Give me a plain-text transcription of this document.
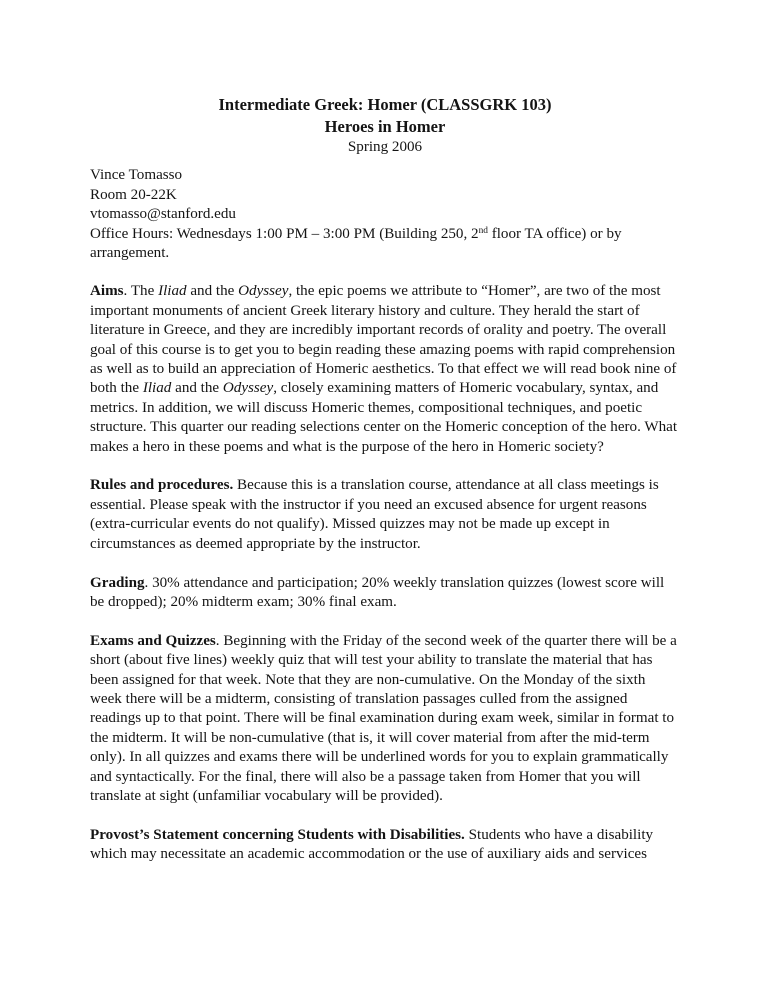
Intermediate Greek: Homer (CLASSGRK 103)
Heroes in Homer
Spring 2006
Vince Tomasso
Room 20-22K
vtomasso@stanford.edu
Office Hours: Wednesdays 1:00 PM – 3:00 PM (Building 250, 2nd floor TA office) or by arrangement.

Aims. The Iliad and the Odyssey, the epic poems we attribute to “Homer”, are two of the most important monuments of ancient Greek literary history and culture. They herald the start of literature in Greece, and they are incredibly important records of orality and poetry. The overall goal of this course is to get you to begin reading these amazing poems with rapid comprehension as well as to build an appreciation of Homeric aesthetics. To that effect we will read book nine of both the Iliad and the Odyssey, closely examining matters of Homeric vocabulary, syntax, and metrics. In addition, we will discuss Homeric themes, compositional techniques, and poetic structure. This quarter our reading selections center on the Homeric conception of the hero. What makes a hero in these poems and what is the purpose of the hero in Homeric society?

Rules and procedures. Because this is a translation course, attendance at all class meetings is essential. Please speak with the instructor if you need an excused absence for urgent reasons (extra-curricular events do not qualify). Missed quizzes may not be made up except in circumstances as deemed appropriate by the instructor.

Grading. 30% attendance and participation; 20% weekly translation quizzes (lowest score will be dropped); 20% midterm exam; 30% final exam.

Exams and Quizzes. Beginning with the Friday of the second week of the quarter there will be a short (about five lines) weekly quiz that will test your ability to translate the material that has been assigned for that week. Note that they are non-cumulative. On the Monday of the sixth week there will be a midterm, consisting of translation passages culled from the assigned readings up to that point. There will be final examination during exam week, similar in format to the midterm. It will be non-cumulative (that is, it will cover material from after the mid-term only). In all quizzes and exams there will be underlined words for you to explain grammatically and syntactically. For the final, there will also be a passage taken from Homer that you will translate at sight (unfamiliar vocabulary will be provided).

Provost’s Statement concerning Students with Disabilities. Students who have a disability which may necessitate an academic accommodation or the use of auxiliary aids and services
